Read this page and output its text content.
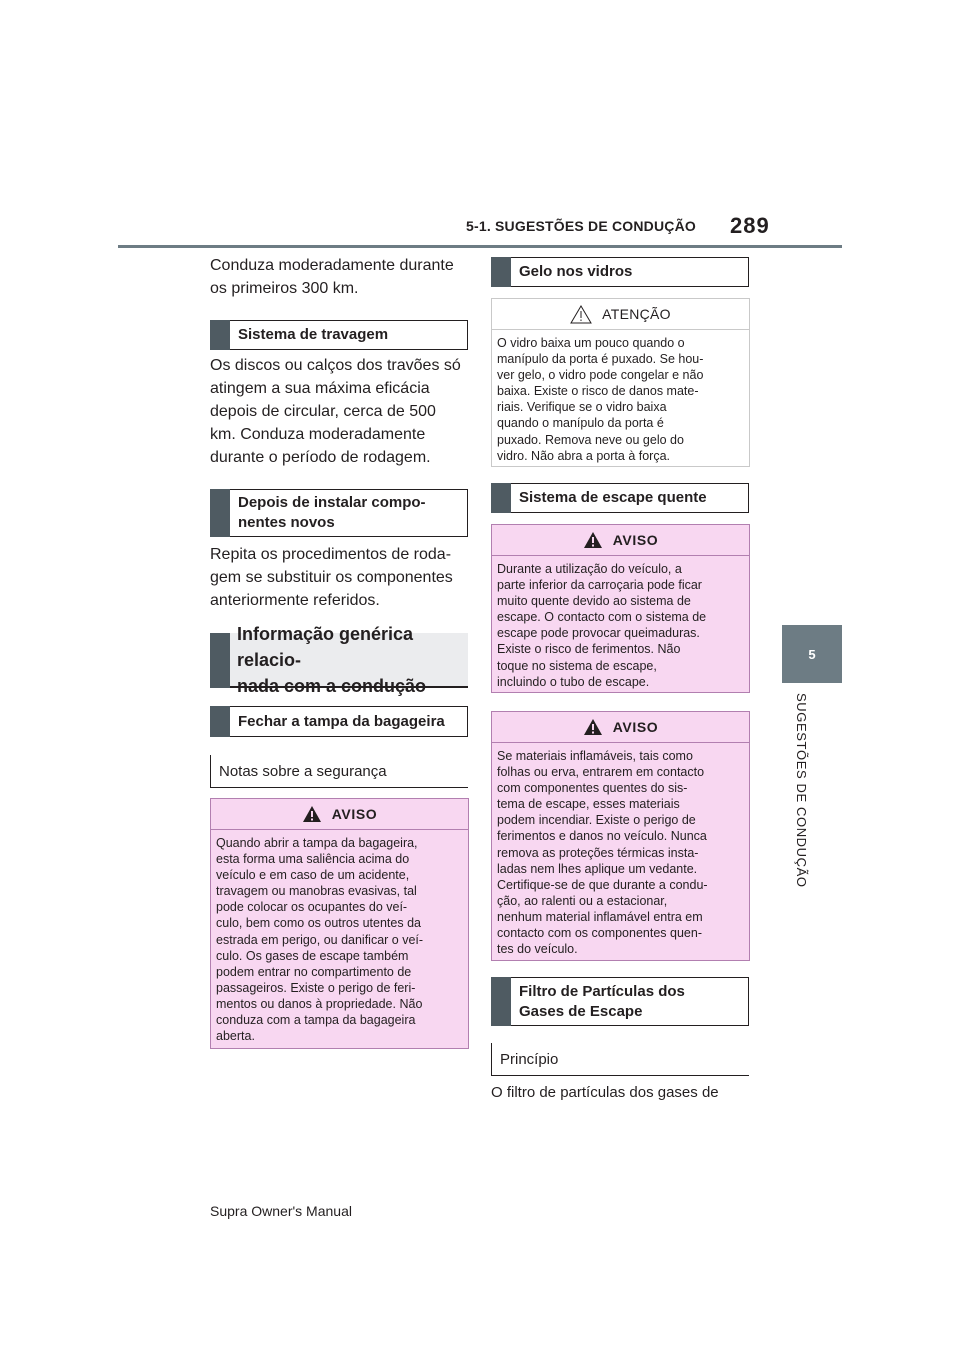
5-1. SUGESTÕES DE CONDUÇÃO 289
5
SUGESTÕES DE CONDUÇÃO
Conduza moderadamente durante
os primeiros 300 km.
Sistema de travagem
Os discos ou calços dos travões só
atingem a sua máxima eficácia
depois de circular, cerca de 500
km. Conduza moderadamente
durante o período de rodagem.
Depois de instalar compo-
nentes novos
Repita os procedimentos de roda-
gem se substituir os componentes
anteriormente referidos.
Informação genérica relacio-
nada com a condução
Fechar a tampa da bagageira
Notas sobre a segurança
AVISO
Quando abrir a tampa da bagageira,
esta forma uma saliência acima do
veículo e em caso de um acidente,
travagem ou manobras evasivas, tal
pode colocar os ocupantes do veí-
culo, bem como os outros utentes da
estrada em perigo, ou danificar o veí-
culo. Os gases de escape também
podem entrar no compartimento de
passageiros. Existe o perigo de feri-
mentos ou danos à propriedade. Não
conduza com a tampa da bagageira
aberta.
Gelo nos vidros
ATENÇÃO
O vidro baixa um pouco quando o
manípulo da porta é puxado. Se hou-
ver gelo, o vidro pode congelar e não
baixa. Existe o risco de danos mate-
riais. Verifique se o vidro baixa
quando o manípulo da porta é
puxado. Remova neve ou gelo do
vidro. Não abra a porta à força.
Sistema de escape quente
AVISO
Durante a utilização do veículo, a
parte inferior da carroçaria pode ficar
muito quente devido ao sistema de
escape. O contacto com o sistema de
escape pode provocar queimaduras.
Existe o risco de ferimentos. Não
toque no sistema de escape,
incluindo o tubo de escape.
AVISO
Se materiais inflamáveis, tais como
folhas ou erva, entrarem em contacto
com componentes quentes do sis-
tema de escape, esses materiais
podem incendiar. Existe o perigo de
ferimentos e danos no veículo. Nunca
remova as proteções térmicas insta-
ladas nem lhes aplique um vedante.
Certifique-se de que durante a condu-
ção, ao ralenti ou a estacionar,
nenhum material inflamável entra em
contacto com os componentes quen-
tes do veículo.
Filtro de Partículas dos
Gases de Escape
Princípio
O filtro de partículas dos gases de
Supra Owner's Manual
